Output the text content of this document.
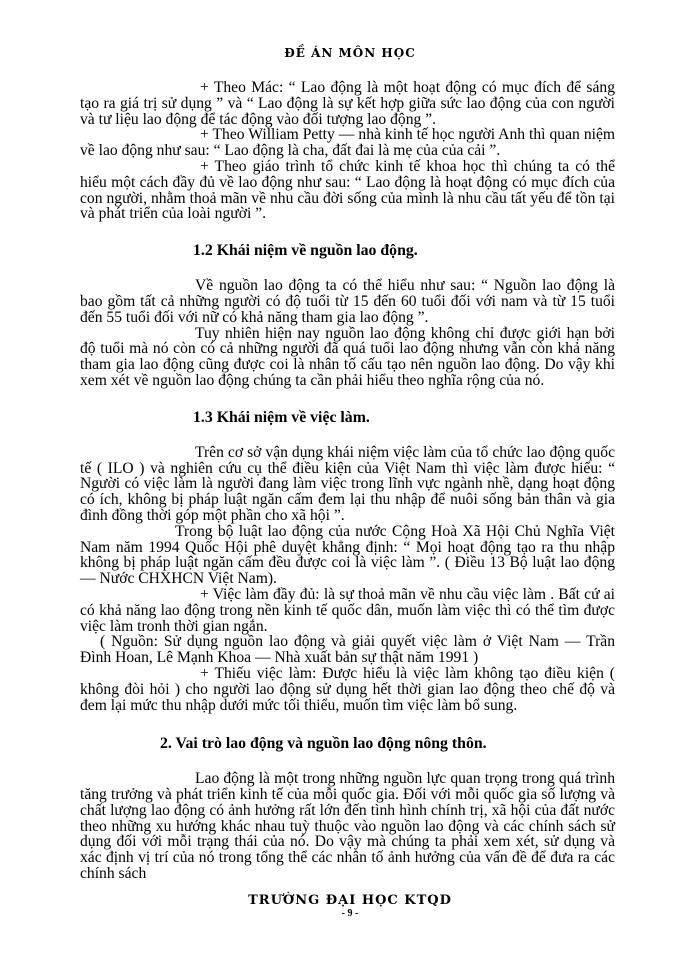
ĐỀ ÁN MÔN HỌC

+ Theo Mác: “ Lao động là một hoạt động có mục đích để sáng tạo ra giá trị sử dụng ” và “ Lao động là sự kết hợp giữa sức lao động của con người và tư liệu lao động để tác động vào đối tượng lao động ”.

+ Theo William Petty — nhà kinh tế học người Anh thì quan niệm về lao động như sau: “ Lao động là cha, đất đai là mẹ của của cải ”.

+ Theo giáo trình tổ chức kinh tế khoa học thì chúng ta có thể hiểu một cách đầy đủ về lao động như sau: “ Lao động là hoạt động có mục đích của con người, nhằm thoả mãn về nhu cầu đời sống của mình là nhu cầu tất yếu để tồn tại và phát triển của loài người ”.

1.2 Khái niệm về nguồn lao động.

Về nguồn lao động ta có thể hiểu như sau: “ Nguồn lao động là bao gồm tất cả những người có độ tuổi từ 15 đến 60 tuổi đối với nam và từ 15 tuổi đến 55 tuổi đối với nữ có khả năng tham gia lao động ”.

Tuy nhiên hiện nay nguồn lao động không chỉ được giới hạn bởi độ tuổi mà nó còn có cả những người đã quá tuổi lao động nhưng vẫn còn khả năng tham gia lao động cũng được coi là nhân tố cấu tạo nên nguồn lao động. Do vậy khi xem xét về nguồn lao động chúng ta cần phải hiểu theo nghĩa rộng của nó.

1.3 Khái niệm về việc làm.

Trên cơ sở vận dụng khái niệm việc làm của tổ chức lao động quốc tế ( ILO ) và nghiên cứu cụ thể điều kiện của Việt Nam thì việc làm được hiểu: “ Người có việc làm là người đang làm việc trong lĩnh vực ngành nhề, dạng hoạt động có ích, không bị pháp luật ngăn cấm đem lại thu nhập để nuôi sống bản thân và gia đình đồng thời góp một phần cho xã hội ”.

Trong bộ luật lao động của nước Cộng Hoà Xã Hội Chủ Nghĩa Việt Nam năm 1994 Quốc Hội phê duyệt khẳng định: “ Mọi hoạt động tạo ra thu nhập không bị pháp luật ngăn cấm đều được coi là việc làm ”. ( Điều 13 Bộ luật lao động — Nước CHXHCN Việt Nam).

+ Việc làm đầy đủ: là sự thoả mãn về nhu cầu việc làm . Bất cứ ai có khả năng lao động trong nền kinh tế quốc dân, muốn làm việc thì có thể tìm được việc làm tronh thời gian ngắn.

( Nguồn: Sử dụng nguồn lao động và giải quyết việc làm ở Việt Nam — Trần Đình Hoan, Lê Mạnh Khoa — Nhà xuất bản sự thật năm 1991 )

+ Thiếu việc làm: Được hiểu là việc làm không tạo điều kiện ( không đòi hỏi ) cho người lao động sử dụng hết thời gian lao động theo chế độ và đem lại mức thu nhập dưới mức tối thiểu, muốn tìm việc làm bổ sung.

2. Vai trò lao động và nguồn lao động nông thôn.

Lao động là một trong những nguồn lực quan trọng trong quá trình tăng trưởng và phát triển kinh tế của mỗi quốc gia. Đối với mỗi quốc gia số lượng và chất lượng lao động có ảnh hưởng rất lớn đến tình hình chính trị, xã hội của đất nước theo những xu hướng khác nhau tuỳ thuộc vào nguồn lao động và các chính sách sử dụng đối với mỗi trạng thái của nó. Do vậy mà chúng ta phải xem xét, sử dụng và xác định vị trí của nó trong tổng thể các nhân tố ảnh hưởng của vấn đề để đưa ra các chính sách

TRƯỜNG ĐẠI HỌC KTQD
- 9 -
